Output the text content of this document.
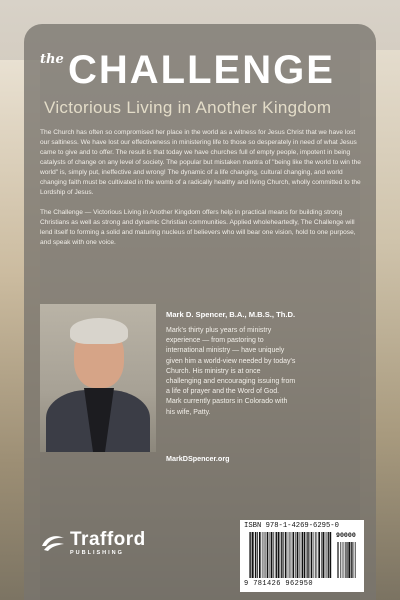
the CHALLENGE
Victorious Living in Another Kingdom

The Church has often so compromised her place in the world as a witness for Jesus Christ that we have lost our saltiness. We have lost our effectiveness in ministering life to those so desperately in need of what Jesus came to give and to offer. The result is that today we have churches full of empty people, impotent in being catalysts of change on any level of society. The popular but mistaken mantra of "being like the world to win the world" is, simply put, ineffective and wrong! The dynamic of a life changing, cultural changing, and world changing faith must be cultivated in the womb of a radically healthy and living Church, wholly committed to the Lordship of Jesus.

The Challenge — Victorious Living in Another Kingdom offers help in practical means for building strong Christians as well as strong and dynamic Christian communities. Applied wholeheartedly, The Challenge will lend itself to forming a solid and maturing nucleus of believers who will bear one vision, hold to one purpose, and speak with one voice.

Mark D. Spencer, B.A., M.B.S., Th.D.
Mark's thirty plus years of ministry experience — from pastoring to international ministry — have uniquely given him a world-view needed by today's Church. His ministry is at once challenging and encouraging issuing from a life of prayer and the Word of God. Mark currently pastors in Colorado with his wife, Patty.
MarkDSpencer.org
Trafford
PUBLISHING
ISBN 978-1-4269-6295-0
90000
9 781426 962950
